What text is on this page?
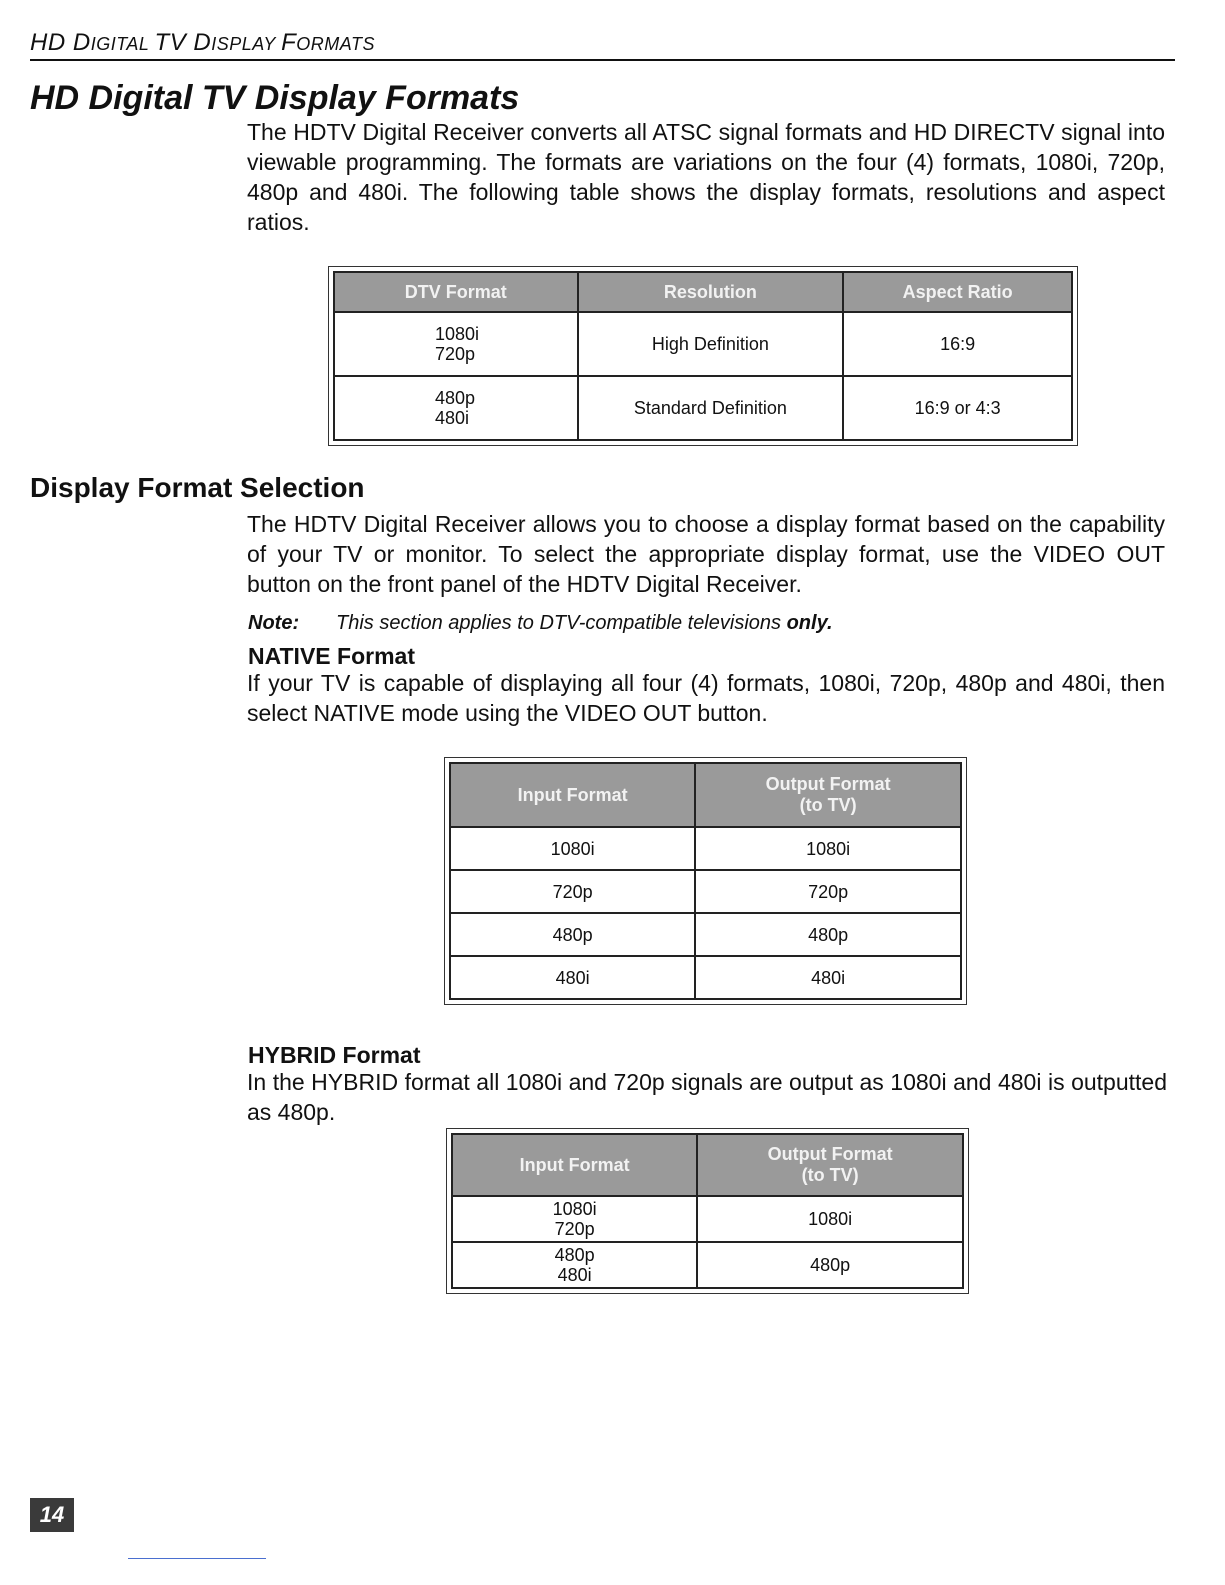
HD DIGITAL TV DISPLAY FORMATS
HD Digital TV Display Formats

The HDTV Digital Receiver converts all ATSC signal formats and HD DIRECTV signal into viewable programming. The formats are variations on the four (4) formats, 1080i, 720p, 480p and 480i. The following table shows the display formats, resolutions and aspect ratios.

DTV Format	Resolution	Aspect Ratio

1080i
720p	High Definition	16:9

480p
480i	Standard Definition	16:9 or 4:3
Display Format Selection

The HDTV Digital Receiver allows you to choose a display format based on the capability of your TV or monitor. To select the appropriate display format, use the VIDEO OUT button on the front panel of the HDTV Digital Receiver.

Note: This section applies to DTV-compatible televisions only.

NATIVE Format

If your TV is capable of displaying all four (4) formats, 1080i, 720p, 480p and 480i, then select NATIVE mode using the VIDEO OUT button.

Input Format	Output Format
(to TV)

1080i	1080i
720p	720p
480p	480p
480i	480i
HYBRID Format

In the HYBRID format all 1080i and 720p signals are output as 1080i and 480i is outputted as 480p.

Input Format	Output Format
(to TV)

1080i
720p	1080i

480p
480i	480p
14
